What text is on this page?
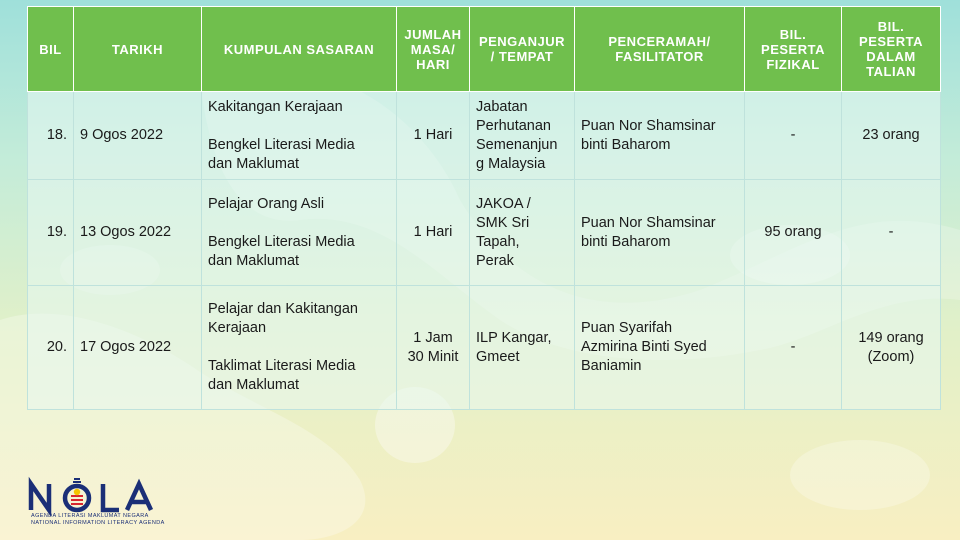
BIL	TARIKH	KUMPULAN SASARAN	JUMLAH
MASA/
HARI	PENGANJUR
/ TEMPAT	PENCERAMAH/
FASILITATOR	BIL.
PESERTA
FIZIKAL	BIL.
PESERTA
DALAM
TALIAN
18.	9 Ogos 2022	Kakitangan Kerajaan

Bengkel Literasi Media
dan Maklumat	1 Hari	Jabatan
Perhutanan
Semenanjun
g Malaysia	Puan Nor Shamsinar
binti Baharom	-	23 orang
19.	13 Ogos 2022	Pelajar Orang Asli

Bengkel Literasi Media
dan Maklumat	1 Hari	JAKOA /
SMK Sri
Tapah,
Perak	Puan Nor Shamsinar
binti Baharom	95 orang	-
20.	17 Ogos 2022	Pelajar dan Kakitangan
Kerajaan

Taklimat Literasi Media
dan Maklumat	1 Jam
30 Minit	ILP Kangar,
Gmeet	Puan Syarifah
Azmirina Binti Syed
Baniamin	-	149 orang
(Zoom)
AGENDA LITERASI MAKLUMAT NEGARA
NATIONAL INFORMATION LITERACY AGENDA
